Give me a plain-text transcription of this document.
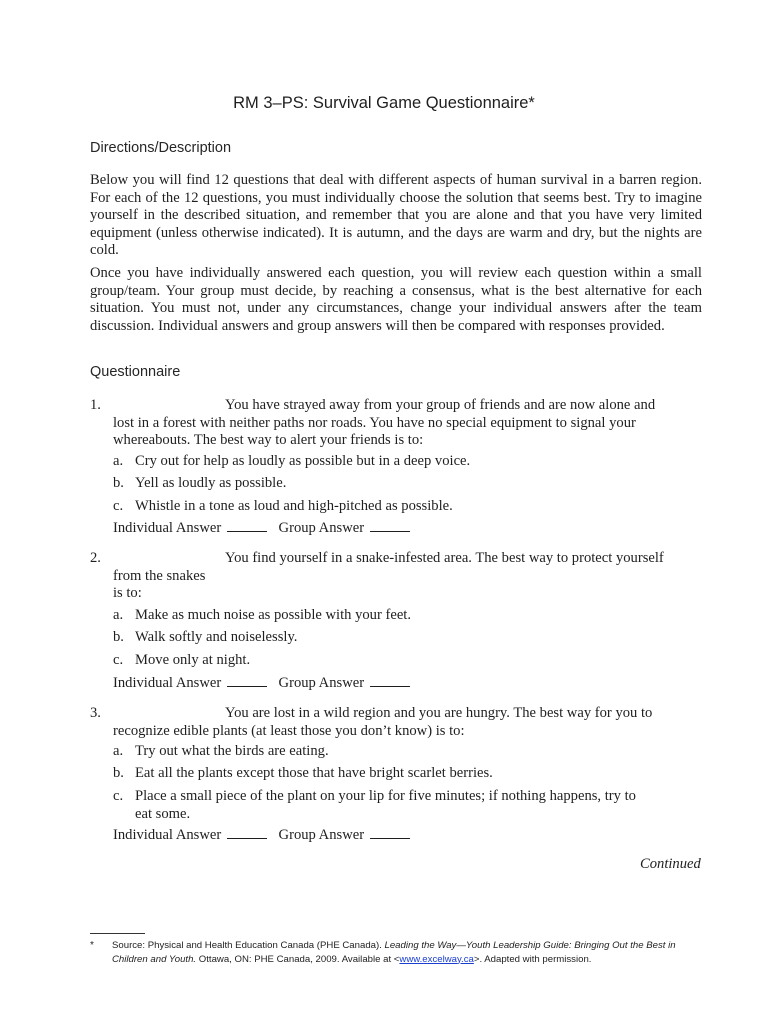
RM 3–PS: Survival Game Questionnaire*
Directions/Description

Below you will find 12 questions that deal with different aspects of human survival in a barren region. For each of the 12 questions, you must individually choose the solution that seems best. Try to imagine yourself in the described situation, and remember that you are alone and that you have very limited equipment (unless otherwise indicated). It is autumn, and the days are warm and dry, but the nights are cold.

Once you have individually answered each question, you will review each question within a small group/team. Your group must decide, by reaching a consensus, what is the best alternative for each situation. You must not, under any circumstances, change your individual answers after the team discussion. Individual answers and group answers will then be compared with responses provided.

Questionnaire
1.	You have strayed away from your group of friends and are now alone and
lost in a forest with neither paths nor roads. You have no special equipment to signal your
whereabouts. The best way to alert your friends is to:
a. Cry out for help as loudly as possible but in a deep voice.
b. Yell as loudly as possible.
c. Whistle in a tone as loud and high-pitched as possible.
Individual Answer	Group Answer
2.	You find yourself in a snake-infested area. The best way to protect yourself
from the snakes
is to:
a. Make as much noise as possible with your feet.
b. Walk softly and noiselessly.
c. Move only at night.
Individual Answer	Group Answer
3.	You are lost in a wild region and you are hungry. The best way for you to
recognize edible plants (at least those you don’t know) is to:
a. Try out what the birds are eating.
b. Eat all the plants except those that have bright scarlet berries.
c. Place a small piece of the plant on your lip for five minutes; if nothing happens, try to
eat some.
Individual Answer	Group Answer
Continued
* Source: Physical and Health Education Canada (PHE Canada). Leading the Way—Youth Leadership Guide: Bringing Out the Best in Children and Youth. Ottawa, ON: PHE Canada, 2009. Available at <www.excelway.ca>. Adapted with permission.
